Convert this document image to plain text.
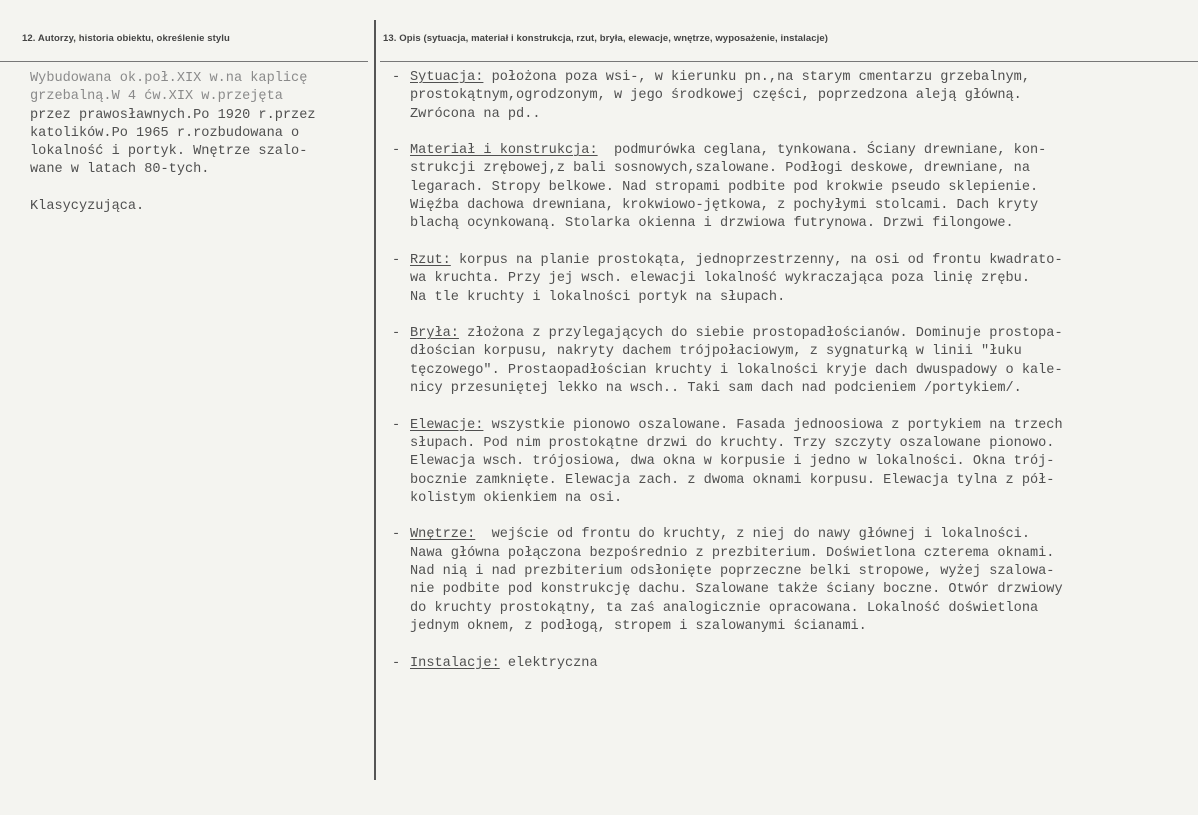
12. Autorzy, historia obiektu, określenie stylu	13. Opis (sytuacja, materiał i konstrukcja, rzut, bryła, elewacje, wnętrze, wyposażenie, instalacje)
Wybudowana ok.poł.XIX w.na kaplicę
grzebalną.W 4 ćw.XIX w.przejęta
przez prawosławnych.Po 1920 r.przez
katolików.Po 1965 r.rozbudowana o
lokalność i portyk. Wnętrze szalo-
wane w latach 80-tych.
Klasycyzująca.
- Sytuacja: położona poza wsi-, w kierunku pn.,na starym cmentarzu grzebalnym,
prostokątnym,ogrodzonym, w jego środkowej części, poprzedzona aleją główną.
Zwrócona na pd..
- Materiał i konstrukcja:  podmurówka ceglana, tynkowana. Ściany drewniane, kon-
strukcji zrębowej,z bali sosnowych,szalowane. Podłogi deskowe, drewniane, na
legarach. Stropy belkowe. Nad stropami podbite pod krokwie pseudo sklepienie.
Więźba dachowa drewniana, krokwiowo-jętkowa, z pochyłymi stolcami. Dach kryty
blachą ocynkowaną. Stolarka okienna i drzwiowa futrynowa. Drzwi filongowe.
- Rzut: korpus na planie prostokąta, jednoprzestrzenny, na osi od frontu kwadrato-
wa kruchta. Przy jej wsch. elewacji lokalność wykraczająca poza linię zrębu.
Na tle kruchty i lokalności portyk na słupach.
- Bryła: złożona z przylegających do siebie prostopadłościanów. Dominuje prostopa-
dłościan korpusu, nakryty dachem trójpołaciowym, z sygnaturką w linii "łuku
tęczowego". Prostaopadłościan kruchty i lokalności kryje dach dwuspadowy o kale-
nicy przesuniętej lekko na wsch.. Taki sam dach nad podcieniem /portykiem/.
- Elewacje: wszystkie pionowo oszalowane. Fasada jednoosiowa z portykiem na trzech
słupach. Pod nim prostokątne drzwi do kruchty. Trzy szczyty oszalowane pionowo.
Elewacja wsch. trójosiowa, dwa okna w korpusie i jedno w lokalności. Okna trój-
bocznie zamknięte. Elewacja zach. z dwoma oknami korpusu. Elewacja tylna z pół-
kolistym okienkiem na osi.
- Wnętrze:  wejście od frontu do kruchty, z niej do nawy głównej i lokalności.
Nawa główna połączona bezpośrednio z prezbiterium. Doświetlona czterema oknami.
Nad nią i nad prezbiterium odsłonięte poprzeczne belki stropowe, wyżej szalowa-
nie podbite pod konstrukcję dachu. Szalowane także ściany boczne. Otwór drzwiowy
do kruchty prostokątny, ta zaś analogicznie opracowana. Lokalność doświetlona
jednym oknem, z podłogą, stropem i szalowanymi ścianami.
- Instalacje: elektryczna
